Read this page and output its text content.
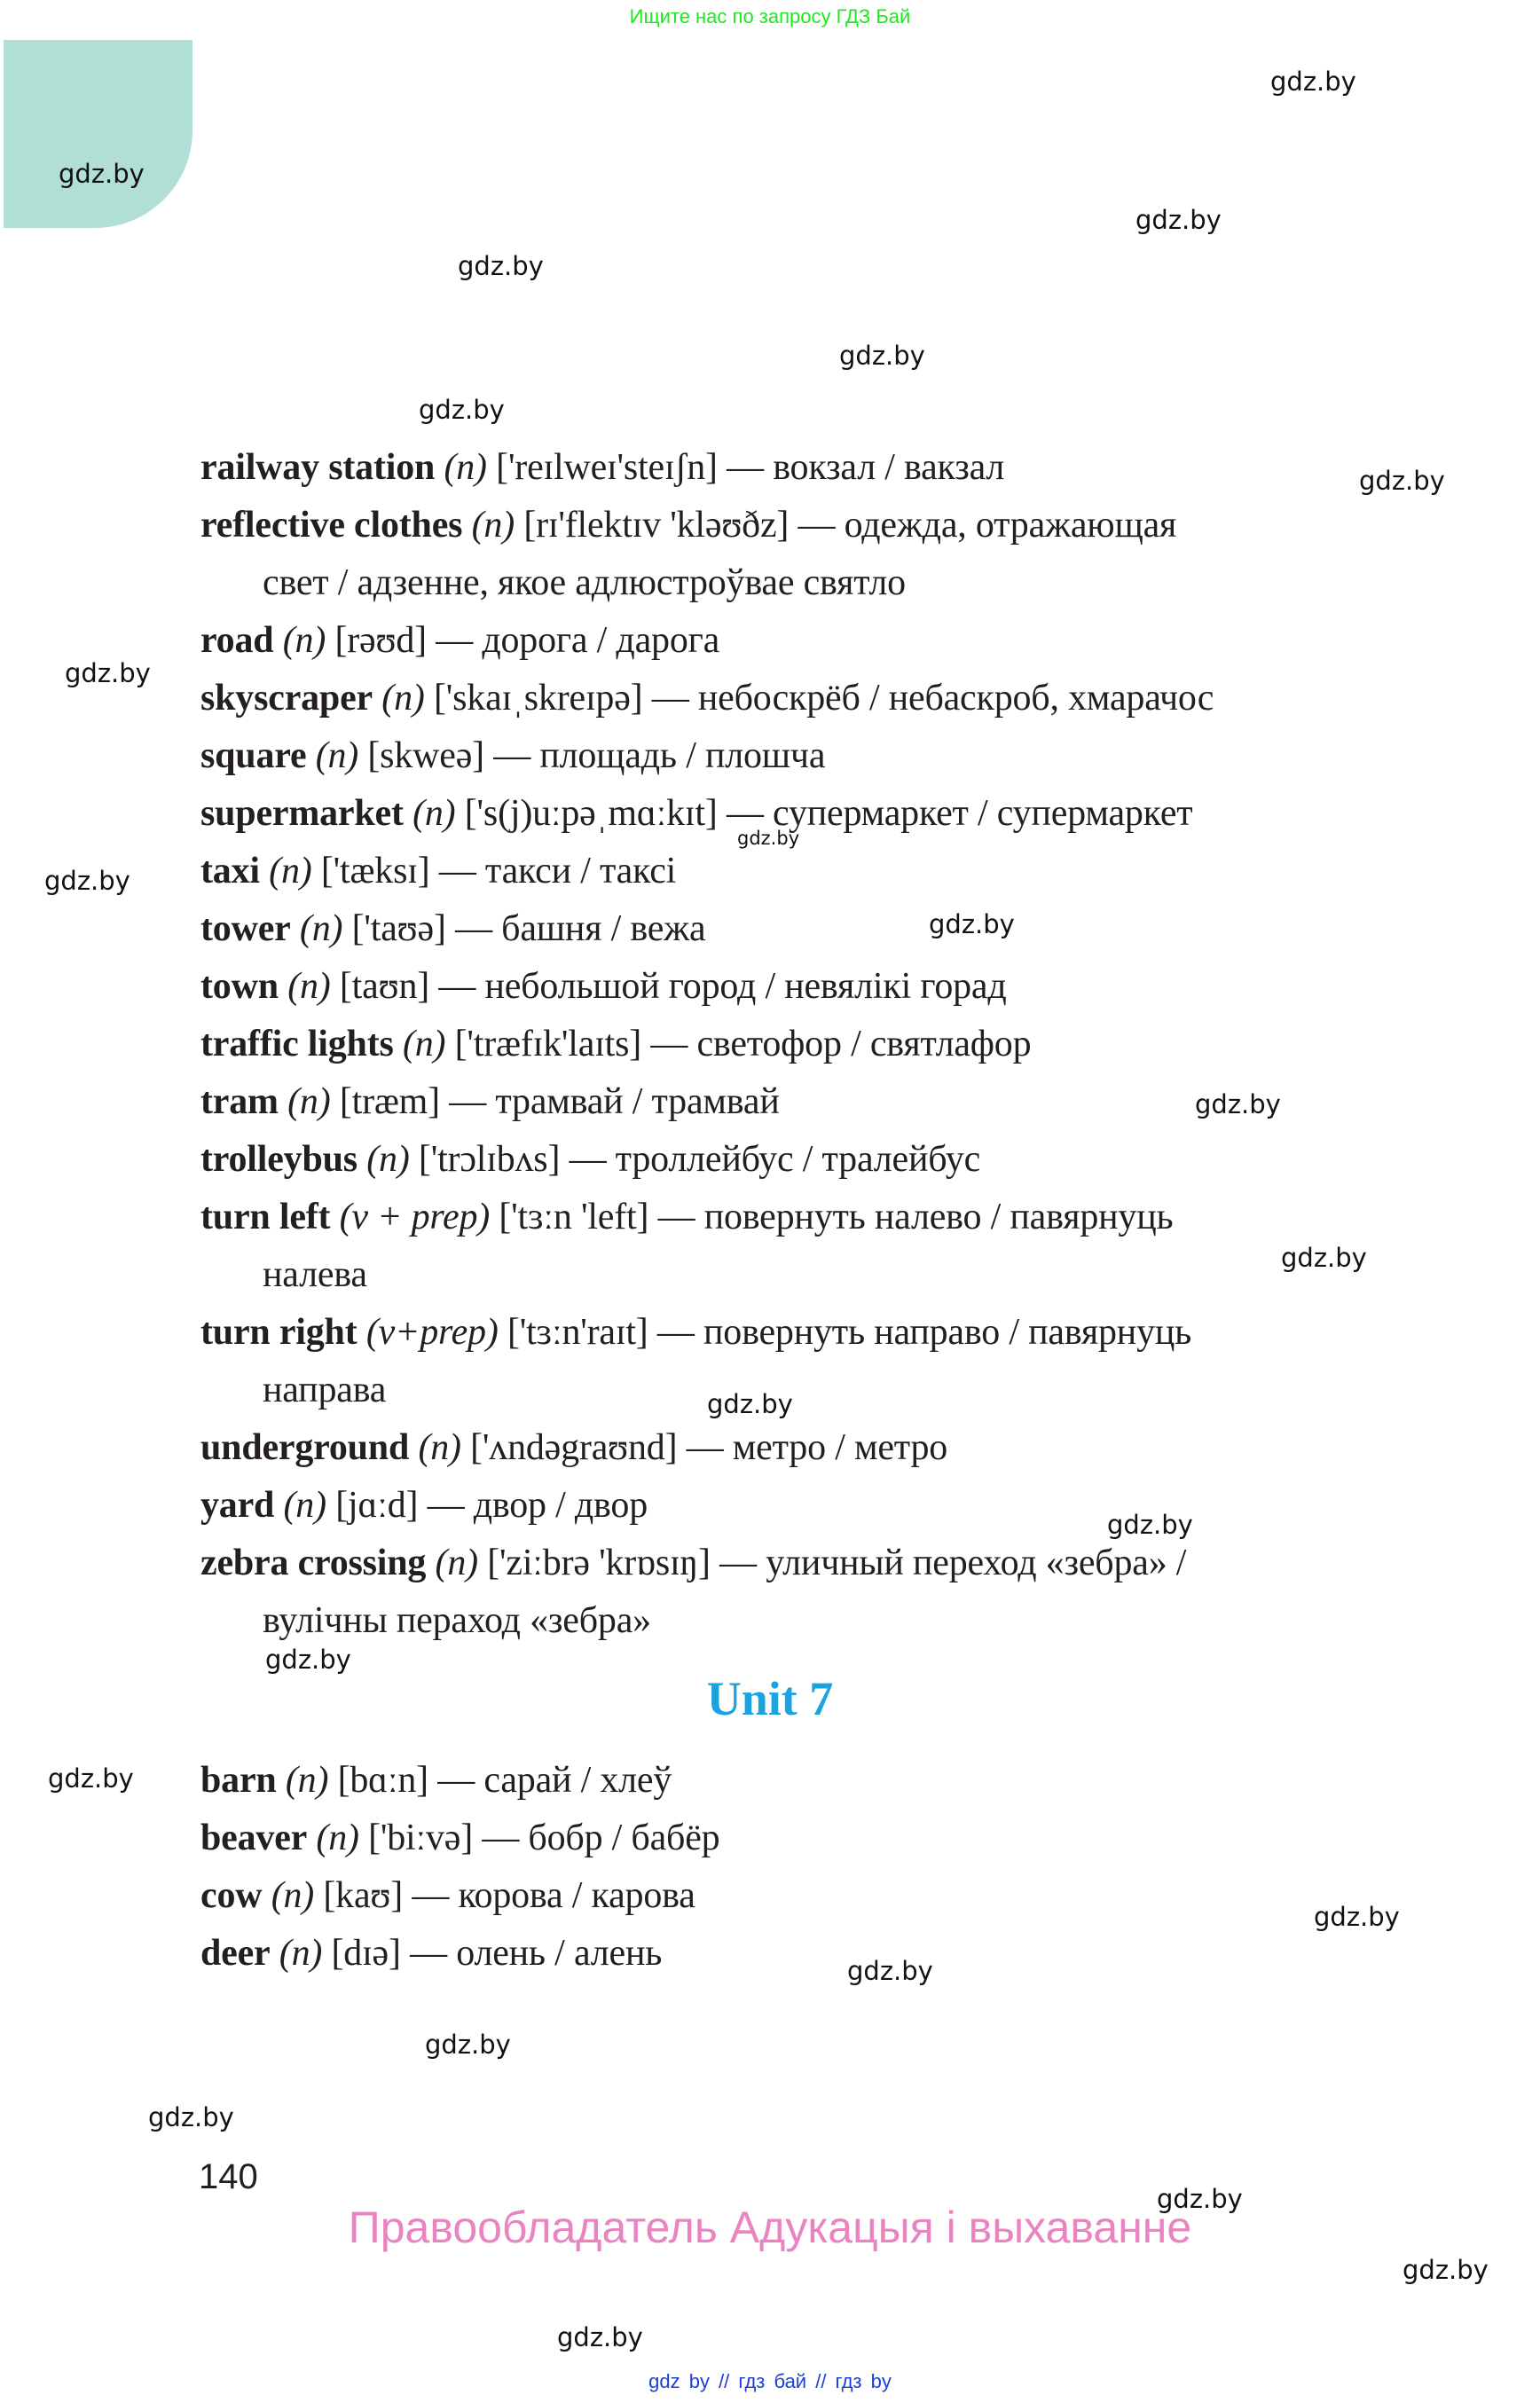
Ищите нас по запросу ГДЗ Бай
gdz.by
gdz.by
gdz.by
gdz.by
gdz.by
gdz.by
gdz.by
gdz.by
gdz.by
gdz.by
gdz.by
gdz.by
gdz.by
gdz.by
gdz.by
gdz.by
gdz.by
gdz.by
gdz.by
gdz.by
gdz.by
gdz.by
gdz.by
gdz.by
railway station (n) ['reɪlweɪ'steɪʃn] — вокзал / вакзал
reflective clothes (n) [rɪ'flektɪv 'kləʊðz] — одежда, отражающая
свет / адзенне, якое адлюстроўвае святло
road (n) [rəʊd] — дорога / дарога
skyscraper (n) ['skaɪˌskreɪpə] — небоскрёб / небаскроб, хмарачос
square (n) [skweə] — площадь / плошча
supermarket (n) ['s(j)uːpəˌmɑːkɪt] — супермаркет / супермаркет
taxi (n) ['tæksɪ] — такси / таксі
tower (n) ['taʊə] — башня / вежа
town (n) [taʊn] — небольшой город / невялікі горад
traffic lights (n) ['træfɪk'laɪts] — светофор / святлафор
tram (n) [træm] — трамвай / трамвай
trolleybus (n) ['trɔlɪbʌs] — троллейбус / тралейбус
turn left (v + prep) ['tɜːn 'left] — повернуть налево / павярнуць
налева
turn right (v+prep) ['tɜːn'raɪt] — повернуть направо / павярнуць
направа
underground (n) ['ʌndəgraʊnd] — метро / метро
yard (n) [jɑːd] — двор / двор
zebra crossing (n) ['ziːbrə 'krɒsɪŋ] — уличный переход «зебра» /
вулічны пераход «зебра»
Unit 7
barn (n) [bɑːn] — сарай / хлеў
beaver (n) ['biːvə] — бобр / бабёр
cow (n) [kaʊ] — корова / карова
deer (n) [dɪə] — олень / алень
140
Правообладатель Адукацыя і выхаванне
gdz by // гдз бай // гдз by
